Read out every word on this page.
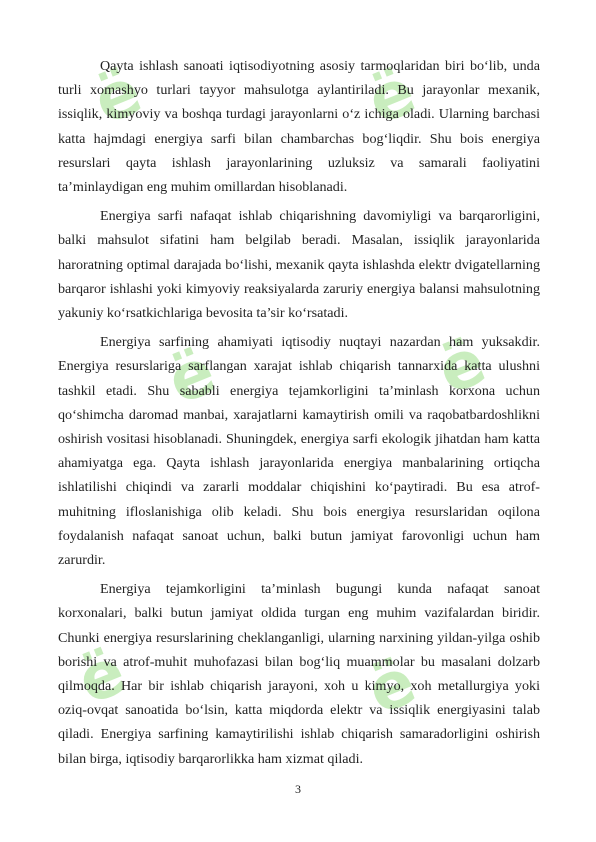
ё	ё
ё	ё
ё	ё

Qayta ishlash sanoati iqtisodiyotning asosiy tarmoqlaridan biri bo‘lib, unda turli xomashyo turlari tayyor mahsulotga aylantiriladi. Bu jarayonlar mexanik, issiqlik, kimyoviy va boshqa turdagi jarayonlarni o‘z ichiga oladi. Ularning barchasi katta hajmdagi energiya sarfi bilan chambarchas bog‘liqdir. Shu bois energiya resurslari qayta ishlash jarayonlarining uzluksiz va samarali faoliyatini ta’minlaydigan eng muhim omillardan hisoblanadi.

Energiya sarfi nafaqat ishlab chiqarishning davomiyligi va barqarorligini, balki mahsulot sifatini ham belgilab beradi. Masalan, issiqlik jarayonlarida haroratning optimal darajada bo‘lishi, mexanik qayta ishlashda elektr dvigatellarning barqaror ishlashi yoki kimyoviy reaksiyalarda zaruriy energiya balansi mahsulotning yakuniy ko‘rsatkichlariga bevosita ta’sir ko‘rsatadi.

Energiya sarfining ahamiyati iqtisodiy nuqtayi nazardan ham yuksakdir. Energiya resurslariga sarflangan xarajat ishlab chiqarish tannarxida katta ulushni tashkil etadi. Shu sababli energiya tejamkorligini ta’minlash korxona uchun qo‘shimcha daromad manbai, xarajatlarni kamaytirish omili va raqobatbardoshlikni oshirish vositasi hisoblanadi. Shuningdek, energiya sarfi ekologik jihatdan ham katta ahamiyatga ega. Qayta ishlash jarayonlarida energiya manbalarining ortiqcha ishlatilishi chiqindi va zararli moddalar chiqishini ko‘paytiradi. Bu esa atrof-muhitning ifloslanishiga olib keladi. Shu bois energiya resurslaridan oqilona foydalanish nafaqat sanoat uchun, balki butun jamiyat farovonligi uchun ham zarurdir.

Energiya tejamkorligini ta’minlash bugungi kunda nafaqat sanoat korxonalari, balki butun jamiyat oldida turgan eng muhim vazifalardan biridir. Chunki energiya resurslarining cheklanganligi, ularning narxining yildan-yilga oshib borishi va atrof-muhit muhofazasi bilan bog‘liq muammolar bu masalani dolzarb qilmoqda. Har bir ishlab chiqarish jarayoni, xoh u kimyo, xoh metallurgiya yoki oziq-ovqat sanoatida bo‘lsin, katta miqdorda elektr va issiqlik energiyasini talab qiladi. Energiya sarfining kamaytirilishi ishlab chiqarish samaradorligini oshirish bilan birga, iqtisodiy barqarorlikka ham xizmat qiladi.

3
